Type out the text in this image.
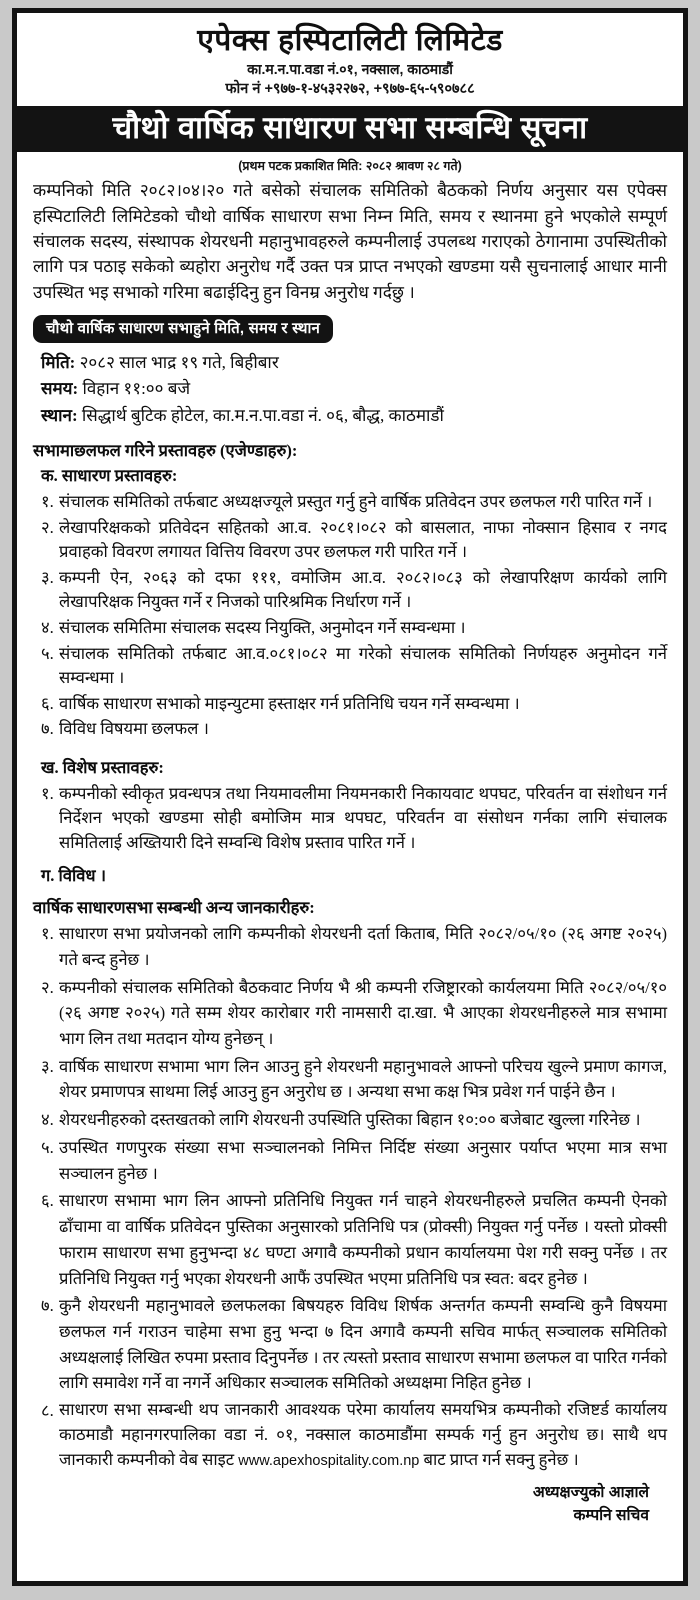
एपेक्स हस्पिटालिटी लिमिटेड
का.म.न.पा.वडा नं.०१, नक्साल, काठमाडौं
फोन नं +९७७-१-४५३२२७२, +९७७-६५-५९०७८८
चौथो वार्षिक साधारण सभा सम्बन्धि सूचना
(प्रथम पटक प्रकाशित मिति: २०८२ श्रावण २८ गते)

कम्पनिको मिति २०८२।०४।२० गते बसेको संचालक समितिको बैठकको निर्णय अनुसार यस एपेक्स हस्पिटालिटी लिमिटेडको चौथो वार्षिक साधारण सभा निम्न मिति, समय र स्थानमा हुने भएकोले सम्पूर्ण संचालक सदस्य, संस्थापक शेयरधनी महानुभावहरुले कम्पनीलाई उपलब्थ गराएको ठेगानामा उपस्थितीको लागि पत्र पठाइ सकेको ब्यहोरा अनुरोध गर्दै उक्त पत्र प्राप्त नभएको खण्डमा यसै सुचनालाई आधार मानी उपस्थित भइ सभाको गरिमा बढाईदिनु हुन विनम्र अनुरोध गर्दछु ।

चौथो वार्षिक साधारण सभाहुने मिति, समय र स्थान
मिति: २०८२ साल भाद्र १९ गते, बिहीबार
समय: विहान ११:०० बजे
स्थान: सिद्धार्थ बुटिक होटेल, का.म.न.पा.वडा नं. ०६, बौद्ध, काठमाडौं
सभामाछलफल गरिने प्रस्तावहरु (एजेण्डाहरु):
क. साधारण प्रस्तावहरु:
१. संचालक समितिको तर्फबाट अध्यक्षज्यूले प्रस्तुत गर्नु हुने वार्षिक प्रतिवेदन उपर छलफल गरी पारित गर्ने ।
२. लेखापरिक्षकको प्रतिवेदन सहितको आ.व. २०८१।०८२ को बासलात, नाफा नोक्सान हिसाव र नगद प्रवाहको विवरण लगायत वित्तिय विवरण उपर छलफल गरी पारित गर्ने ।
३. कम्पनी ऐन, २०६३ को दफा १११, वमोजिम आ.व. २०८२।०८३ को लेखापरिक्षण कार्यको लागि लेखापरिक्षक नियुक्त गर्ने र निजको पारिश्रमिक निर्धारण गर्ने ।
४. संचालक समितिमा संचालक सदस्य नियुक्ति, अनुमोदन गर्ने सम्वन्धमा ।
५. संचालक समितिको तर्फबाट आ.व.०८१।०८२ मा गरेको संचालक समितिको निर्णयहरु अनुमोदन गर्ने सम्वन्धमा ।
६. वार्षिक साधारण सभाको माइन्युटमा हस्ताक्षर गर्न प्रतिनिधि चयन गर्ने सम्वन्धमा ।
७. विविध विषयमा छलफल ।
ख. विशेष प्रस्तावहरु:
१. कम्पनीको स्वीकृत प्रवन्धपत्र तथा नियमावलीमा नियमनकारी निकायवाट थपघट, परिवर्तन वा संशोधन गर्न निर्देशन भएको खण्डमा सोही बमोजिम मात्र थपघट, परिवर्तन वा संसोधन गर्नका लागि संचालक समितिलाई अख्तियारी दिने सम्व‍न्धि विशेष प्रस्ताव पारित गर्ने ।
ग. विविध ।
वार्षिक साधारणसभा सम्बन्धी अन्य जानकारीहरु:
१. साधारण सभा प्रयोजनको लागि कम्पनीको शेयरधनी दर्ता किताब, मिति २०८२/०५/१० (२६ अगष्ट २०२५) गते बन्द हुनेछ ।
२. कम्पनीको संचालक समितिको बैठकवाट निर्णय भै श्री कम्पनी रजिष्ट्रारको कार्यलयमा मिति २०८२/०५/१० (२६ अगष्ट २०२५) गते सम्म शेयर कारोबार गरी नामसारी दा.खा. भै आएका शेयरधनीहरुले मात्र सभामा भाग लिन तथा मतदान योग्य हुनेछन् ।
३. वार्षिक साधारण सभामा भाग लिन आउनु हुने शेयरधनी महानुभावले आफ्नो परिचय खुल्ने प्रमाण कागज, शेयर प्रमाणपत्र साथमा लिई आउनु हुन अनुरोध छ । अन्यथा सभा कक्ष भित्र प्रवेश गर्न पाईने छैन ।
४. शेयरधनीहरुको दस्तखतको लागि शेयरधनी उपस्थिति पुस्तिका बिहान १०:०० बजेबाट खुल्ला गरिनेछ ।
५. उपस्थित गणपुरक संख्या सभा सञ्चालनको निमित्त निर्दिष्ट संख्या अनुसार पर्याप्त भएमा मात्र सभा सञ्चालन हुनेछ ।
६. साधारण सभामा भाग लिन आफ्नो प्रतिनिधि नियुक्त गर्न चाहने शेयरधनीहरुले प्रचलित कम्पनी ऐनको ढाँचामा वा वार्षिक प्रतिवेदन पुस्तिका अनुसारको प्रतिनिधि पत्र (प्रोक्सी) नियुक्त गर्नु पर्नेछ । यस्तो प्रोक्सी फाराम साधारण सभा हुनुभन्दा ४८ घण्टा अगावै कम्पनीको प्रधान कार्यालयमा पेश गरी सक्नु पर्नेछ । तर प्रतिनिधि नियुक्त गर्नु भएका शेयरधनी आफैं उपस्थित भएमा प्रतिनिधि पत्र स्वत: बदर हुनेछ ।
७. कुनै शेयरधनी महानुभावले छलफलका बिषयहरु विविध शिर्षक अन्तर्गत कम्पनी सम्व‍न्धि कुनै विषयमा छलफल गर्न गराउन चाहेमा सभा हुनु भन्दा ७ दिन अगावै कम्पनी सचिव मार्फत् सञ्चालक समितिको अध्यक्षलाई लिखित रुपमा प्रस्ताव दिनुपर्नेछ । तर त्यस्तो प्रस्ताव साधारण सभामा छलफल वा पारित गर्नको लागि समावेश गर्ने वा नगर्ने अधिकार सञ्चालक समितिको अध्यक्षमा निहित हुनेछ ।
८. साधारण सभा सम्बन्धी थप जानकारी आवश्यक परेमा कार्यालय समयभित्र कम्पनीको रजिष्टर्ड कार्यालय काठमाडौ महानगरपालिका वडा नं. ०१, नक्साल काठमाडौंमा सम्पर्क गर्नु हुन अनुरोध छ। साथै थप जानकारी कम्पनीको वेब साइट www.apexhospitality.com.np बाट प्राप्त गर्न सक्नु हुनेछ ।
अध्यक्षज्युको आज्ञाले
कम्पनि सचिव
